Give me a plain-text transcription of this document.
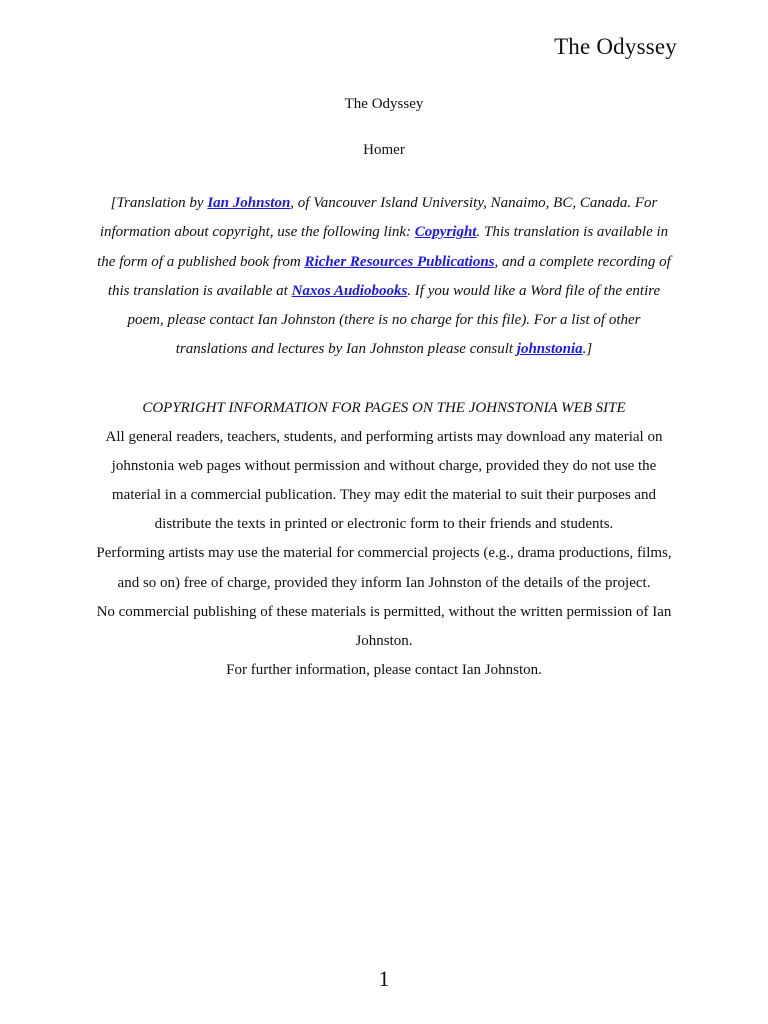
The Odyssey
The Odyssey
Homer
[Translation by Ian Johnston, of Vancouver Island University, Nanaimo, BC, Canada. For information about copyright, use the following link: Copyright. This translation is available in the form of a published book from Richer Resources Publications, and a complete recording of this translation is available at Naxos Audiobooks. If you would like a Word file of the entire poem, please contact Ian Johnston (there is no charge for this file). For a list of other translations and lectures by Ian Johnston please consult johnstonia.]

COPYRIGHT INFORMATION FOR PAGES ON THE JOHNSTONIA WEB SITE

All general readers, teachers, students, and performing artists may download any material on johnstonia web pages without permission and without charge, provided they do not use the material in a commercial publication. They may edit the material to suit their purposes and distribute the texts in printed or electronic form to their friends and students.

Performing artists may use the material for commercial projects (e.g., drama productions, films, and so on) free of charge, provided they inform Ian Johnston of the details of the project.

No commercial publishing of these materials is permitted, without the written permission of Ian Johnston.

For further information, please contact Ian Johnston.

1
